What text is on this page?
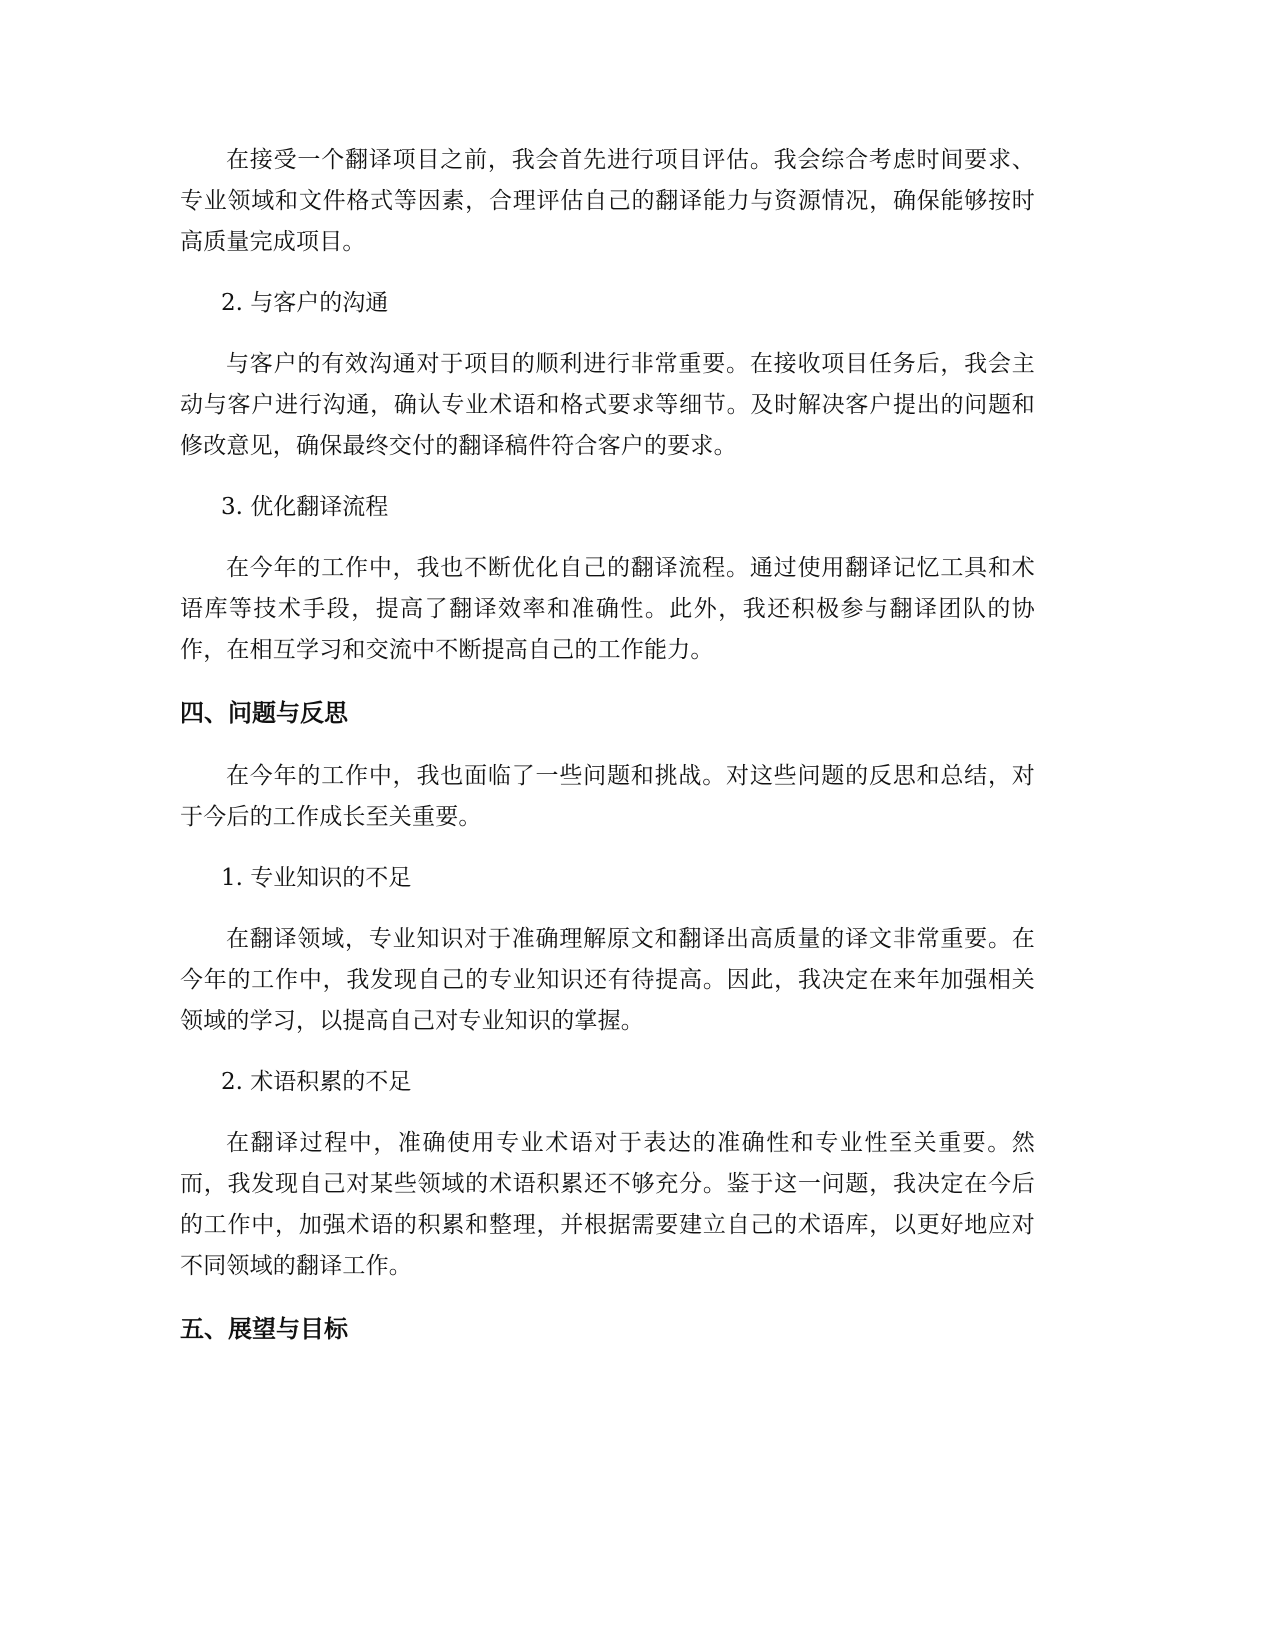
在接受一个翻译项目之前，我会首先进行项目评估。我会综合考虑时间要求、专业领域和文件格式等因素，合理评估自己的翻译能力与资源情况，确保能够按时高质量完成项目。

2. 与客户的沟通

与客户的有效沟通对于项目的顺利进行非常重要。在接收项目任务后，我会主动与客户进行沟通，确认专业术语和格式要求等细节。及时解决客户提出的问题和修改意见，确保最终交付的翻译稿件符合客户的要求。

3. 优化翻译流程

在今年的工作中，我也不断优化自己的翻译流程。通过使用翻译记忆工具和术语库等技术手段，提高了翻译效率和准确性。此外，我还积极参与翻译团队的协作，在相互学习和交流中不断提高自己的工作能力。

四、问题与反思

在今年的工作中，我也面临了一些问题和挑战。对这些问题的反思和总结，对于今后的工作成长至关重要。

1. 专业知识的不足

在翻译领域，专业知识对于准确理解原文和翻译出高质量的译文非常重要。在今年的工作中，我发现自己的专业知识还有待提高。因此，我决定在来年加强相关领域的学习，以提高自己对专业知识的掌握。

2. 术语积累的不足

在翻译过程中，准确使用专业术语对于表达的准确性和专业性至关重要。然而，我发现自己对某些领域的术语积累还不够充分。鉴于这一问题，我决定在今后的工作中，加强术语的积累和整理，并根据需要建立自己的术语库，以更好地应对不同领域的翻译工作。

五、展望与目标
